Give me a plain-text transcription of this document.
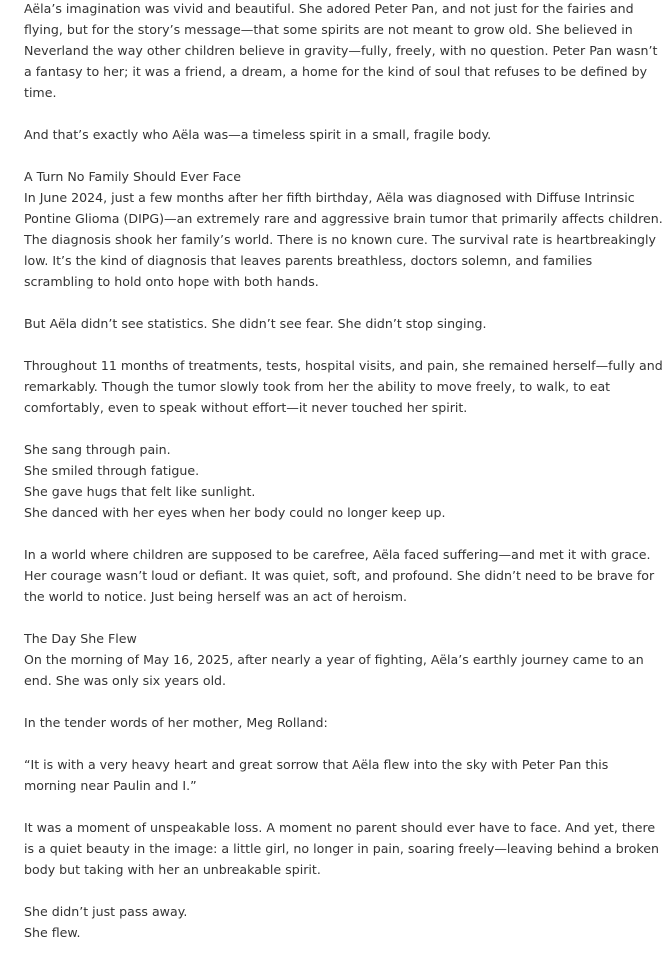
Aëla’s imagination was vivid and beautiful. She adored Peter Pan, and not just for the fairies and flying, but for the story’s message—that some spirits are not meant to grow old. She believed in Neverland the way other children believe in gravity—fully, freely, with no question. Peter Pan wasn’t a fantasy to her; it was a friend, a dream, a home for the kind of soul that refuses to be defined by time.

And that’s exactly who Aëla was—a timeless spirit in a small, fragile body.

A Turn No Family Should Ever Face
In June 2024, just a few months after her fifth birthday, Aëla was diagnosed with Diffuse Intrinsic Pontine Glioma (DIPG)—an extremely rare and aggressive brain tumor that primarily affects children. The diagnosis shook her family’s world. There is no known cure. The survival rate is heartbreakingly low. It’s the kind of diagnosis that leaves parents breathless, doctors solemn, and families scrambling to hold onto hope with both hands.

But Aëla didn’t see statistics. She didn’t see fear. She didn’t stop singing.

Throughout 11 months of treatments, tests, hospital visits, and pain, she remained herself—fully and remarkably. Though the tumor slowly took from her the ability to move freely, to walk, to eat comfortably, even to speak without effort—it never touched her spirit.

She sang through pain.
She smiled through fatigue.
She gave hugs that felt like sunlight.
She danced with her eyes when her body could no longer keep up.

In a world where children are supposed to be carefree, Aëla faced suffering—and met it with grace. Her courage wasn’t loud or defiant. It was quiet, soft, and profound. She didn’t need to be brave for the world to notice. Just being herself was an act of heroism.

The Day She Flew
On the morning of May 16, 2025, after nearly a year of fighting, Aëla’s earthly journey came to an end. She was only six years old.

In the tender words of her mother, Meg Rolland:

“It is with a very heavy heart and great sorrow that Aëla flew into the sky with Peter Pan this morning near Paulin and I.”

It was a moment of unspeakable loss. A moment no parent should ever have to face. And yet, there is a quiet beauty in the image: a little girl, no longer in pain, soaring freely—leaving behind a broken body but taking with her an unbreakable spirit.

She didn’t just pass away.
She flew.
